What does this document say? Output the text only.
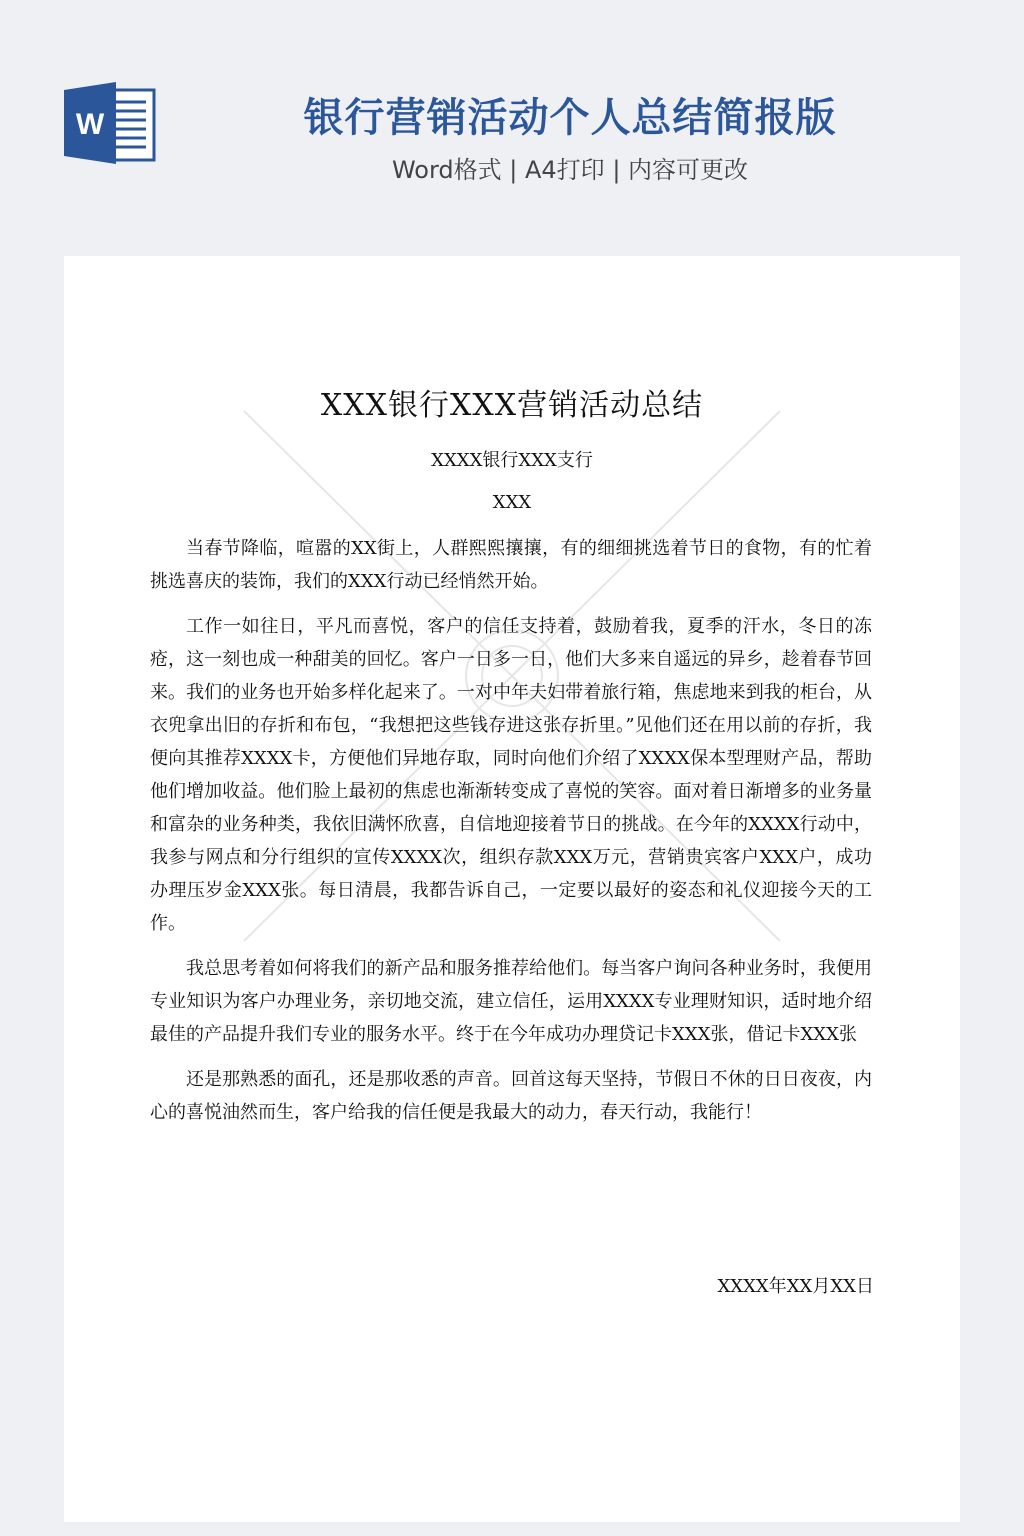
W	银行营销活动个人总结简报版
Word格式 | A4打印 | 内容可更改
XXX银行XXX营销活动总结
XXXX银行XXX支行
XXX

当春节降临，喧嚣的XX街上，人群熙熙攘攘，有的细细挑选着节日的食物，有的忙着挑选喜庆的装饰，我们的XXX行动已经悄然开始。

工作一如往日，平凡而喜悦，客户的信任支持着，鼓励着我，夏季的汗水，冬日的冻疮，这一刻也成一种甜美的回忆。客户一日多一日，他们大多来自遥远的异乡，趁着春节回来。我们的业务也开始多样化起来了。一对中年夫妇带着旅行箱，焦虑地来到我的柜台，从衣兜拿出旧的存折和布包，“我想把这些钱存进这张存折里。”见他们还在用以前的存折，我便向其推荐XXXX卡，方便他们异地存取，同时向他们介绍了XXXX保本型理财产品，帮助他们增加收益。他们脸上最初的焦虑也渐渐转变成了喜悦的笑容。面对着日渐增多的业务量和富杂的业务种类，我依旧满怀欣喜，自信地迎接着节日的挑战。在今年的XXXX行动中，我参与网点和分行组织的宣传XXXX次，组织存款XXX万元，营销贵宾客户XXX户，成功办理压岁金XXX张。每日清晨，我都告诉自己，一定要以最好的姿态和礼仪迎接今天的工作。

我总思考着如何将我们的新产品和服务推荐给他们。每当客户询问各种业务时，我便用专业知识为客户办理业务，亲切地交流，建立信任，运用XXXX专业理财知识，适时地介绍最佳的产品提升我们专业的服务水平。终于在今年成功办理贷记卡XXX张，借记卡XXX张

还是那熟悉的面孔，还是那收悉的声音。回首这每天坚持，节假日不休的日日夜夜，内心的喜悦油然而生，客户给我的信任便是我最大的动力，春天行动，我能行！

XXXX年XX月XX日
